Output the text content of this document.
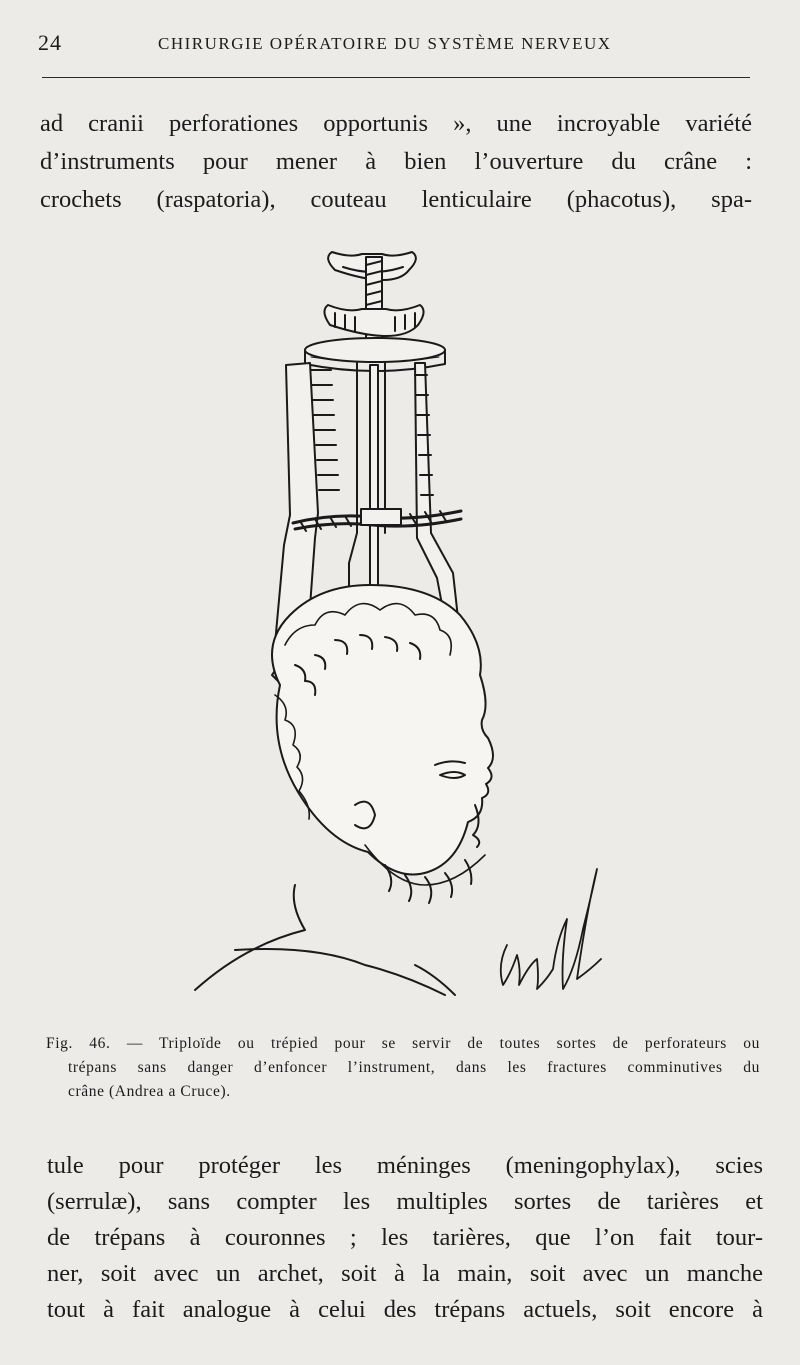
24	CHIRURGIE OPÉRATOIRE DU SYSTÈME NERVEUX

ad cranii perforationes opportunis », une incroyable variété
d’instruments pour mener à bien l’ouverture du crâne :
crochets (raspatoria), couteau lenticulaire (phacotus), spa-

Fig. 46. — Triploïde ou trépied pour se servir de toutes sortes de perforateurs ou
trépans sans danger d’enfoncer l’instrument, dans les fractures comminutives du
crâne (Andrea a Cruce).

tule pour protéger les méninges (meningophylax), scies
(serrulæ), sans compter les multiples sortes de tarières et
de trépans à couronnes ; les tarières, que l’on fait tour-
ner, soit avec un archet, soit à la main, soit avec un manche
tout à fait analogue à celui des trépans actuels, soit encore à
